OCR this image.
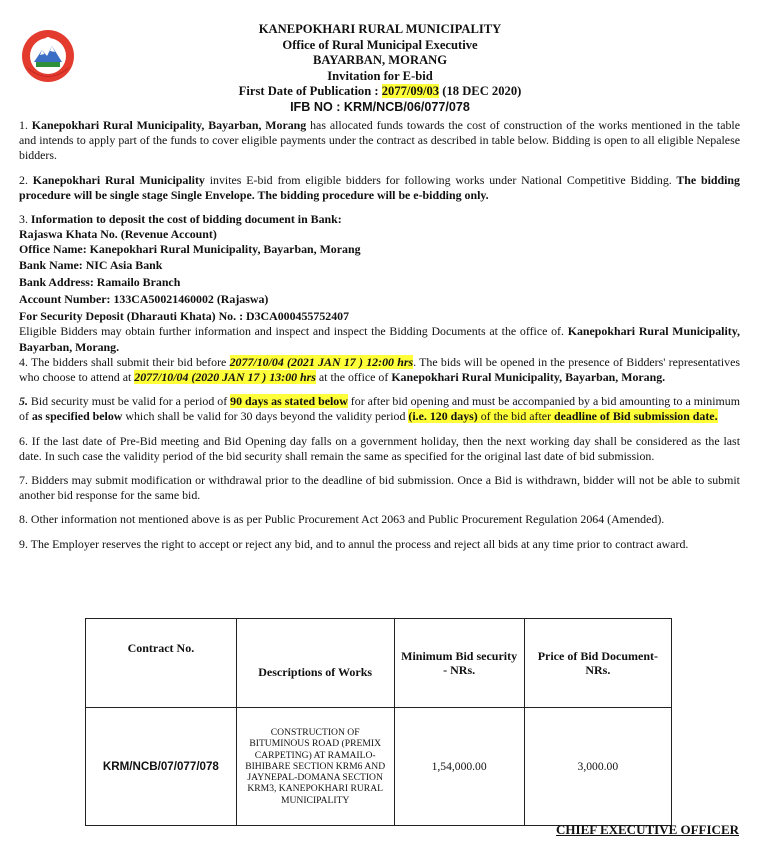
KANEPOKHARI RURAL MUNICIPALITY
Office of Rural Municipal Executive
BAYARBAN, MORANG
Invitation for E-bid
First Date of Publication : 2077/09/03 (18 DEC 2020)
IFB NO : KRM/NCB/06/077/078

1. Kanepokhari Rural Municipality, Bayarban, Morang has allocated funds towards the cost of construction of the works mentioned in the table and intends to apply part of the funds to cover eligible payments under the contract as described in table below. Bidding is open to all eligible Nepalese bidders.

2. Kanepokhari Rural Municipality invites E-bid from eligible bidders for following works under National Competitive Bidding. The bidding procedure will be single stage Single Envelope. The bidding procedure will be e-bidding only.

3. Information to deposit the cost of bidding document in Bank:

Rajaswa Khata No. (Revenue Account)

Office Name: Kanepokhari Rural Municipality, Bayarban, Morang

Bank Name: NIC Asia Bank

Bank Address: Ramailo Branch

Account Number: 133CA50021460002 (Rajaswa)

For Security Deposit (Dharauti Khata) No. : D3CA000455752407

Eligible Bidders may obtain further information and inspect and inspect the Bidding Documents at the office of. Kanepokhari Rural Municipality, Bayarban, Morang.

4. The bidders shall submit their bid before 2077/10/04 (2021 JAN 17 ) 12:00 hrs. The bids will be opened in the presence of Bidders' representatives who choose to attend at 2077/10/04 (2020 JAN 17 ) 13:00 hrs at the office of Kanepokhari Rural Municipality, Bayarban, Morang.

5. Bid security must be valid for a period of 90 days as stated below for after bid opening and must be accompanied by a bid amounting to a minimum of as specified below which shall be valid for 30 days beyond the validity period (i.e. 120 days) of the bid after deadline of Bid submission date.

6. If the last date of Pre-Bid meeting and Bid Opening day falls on a government holiday, then the next working day shall be considered as the last date. In such case the validity period of the bid security shall remain the same as specified for the original last date of bid submission.

7. Bidders may submit modification or withdrawal prior to the deadline of bid submission. Once a Bid is withdrawn, bidder will not be able to submit another bid response for the same bid.

8. Other information not mentioned above is as per Public Procurement Act 2063 and Public Procurement Regulation 2064 (Amended).

9. The Employer reserves the right to accept or reject any bid, and to annul the process and reject all bids at any time prior to contract award.

Contract No.	Descriptions of Works	Minimum Bid security - NRs.	Price of Bid Document-NRs.
KRM/NCB/07/077/078	CONSTRUCTION OF BITUMINOUS ROAD (PREMIX CARPETING) AT RAMAILO-BIHIBARE SECTION KRM6 AND JAYNEPAL-DOMANA SECTION KRM3, KANEPOKHARI RURAL MUNICIPALITY	1,54,000.00	3,000.00
CHIEF EXECUTIVE OFFICER
